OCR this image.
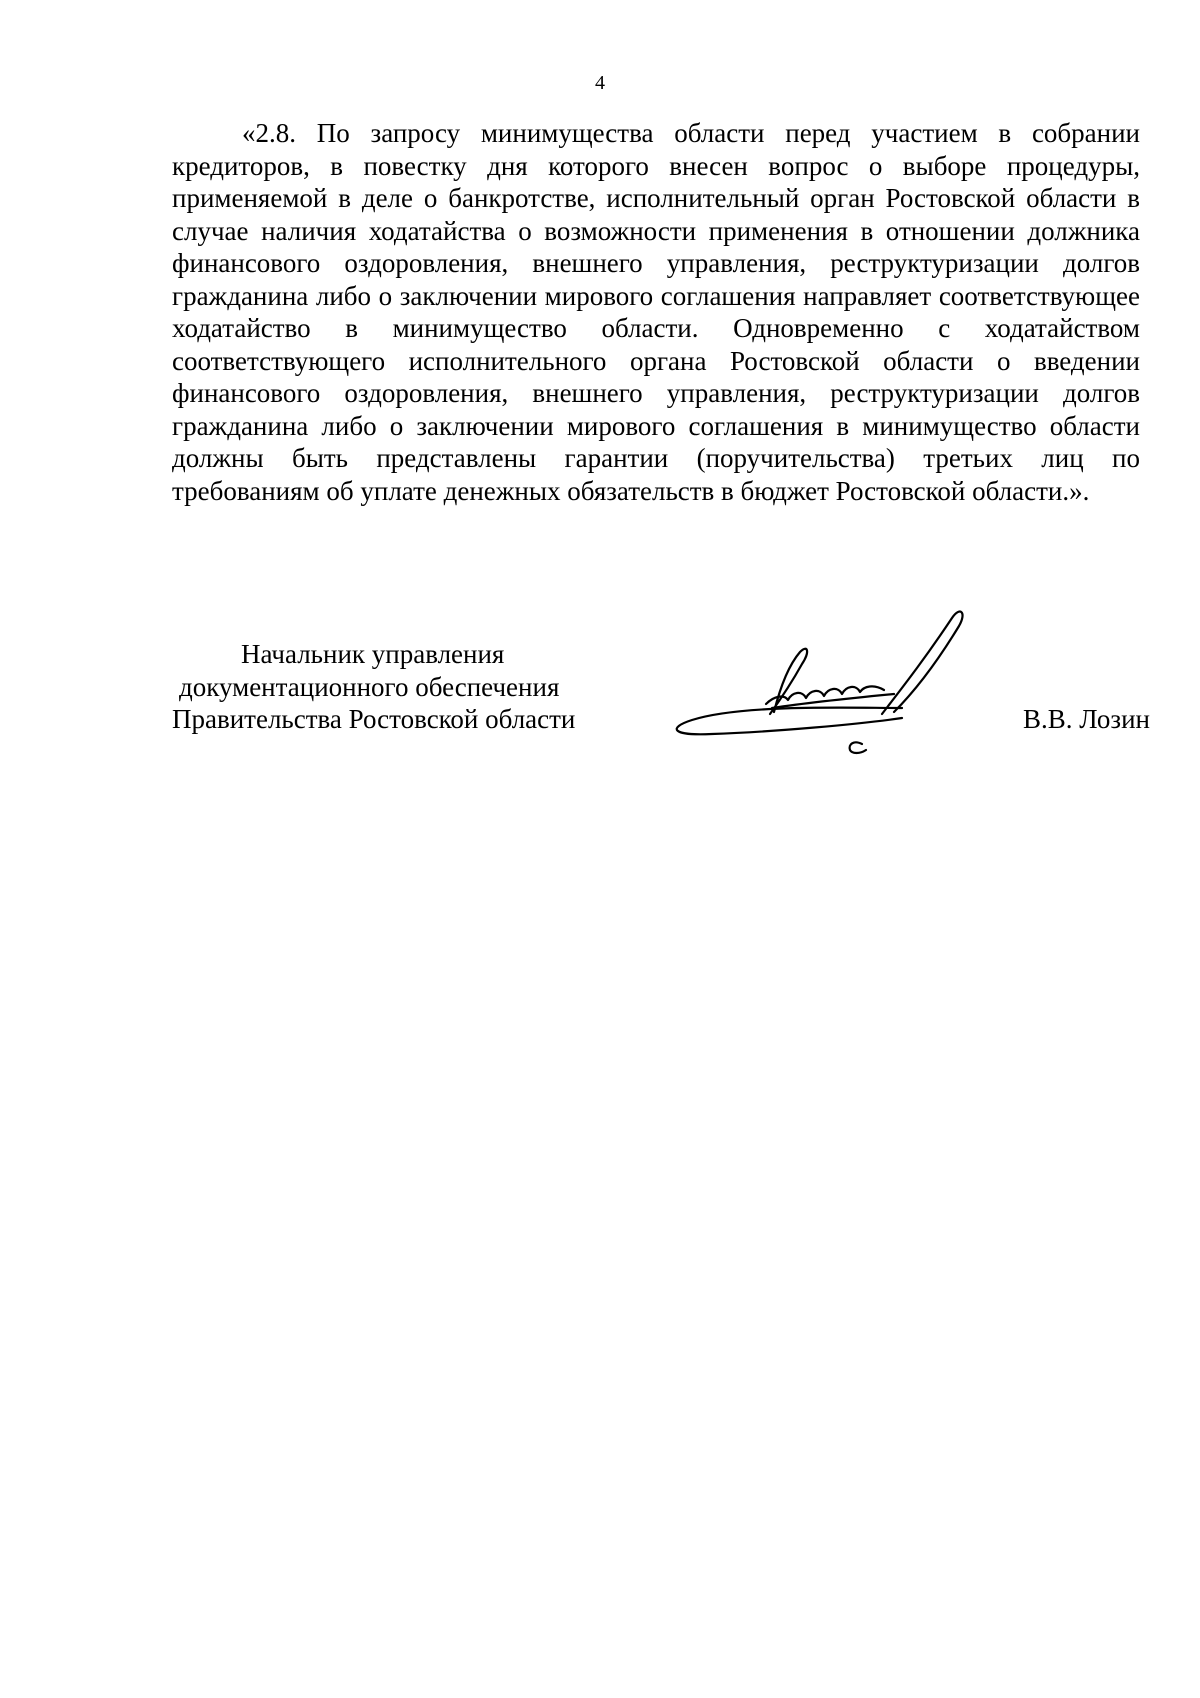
4

«2.8. По запросу минимущества области перед участием в собрании кредиторов, в повестку дня которого внесен вопрос о выборе процедуры, применяемой в деле о банкротстве, исполнительный орган Ростовской области в случае наличия ходатайства о возможности применения в отношении должника финансового оздоровления, внешнего управления, реструктуризации долгов гражданина либо о заключении мирового соглашения направляет соответствующее ходатайство в минимущество области. Одновременно с ходатайством соответствующего исполнительного органа Ростовской области о введении финансового оздоровления, внешнего управления, реструктуризации долгов гражданина либо о заключении мирового соглашения в минимущество области должны быть представлены гарантии (поручительства) третьих лиц по требованиям об уплате денежных обязательств в бюджет Ростовской области.».

Начальник управления
документационного обеспечения
Правительства Ростовской области	В.В. Лозин
